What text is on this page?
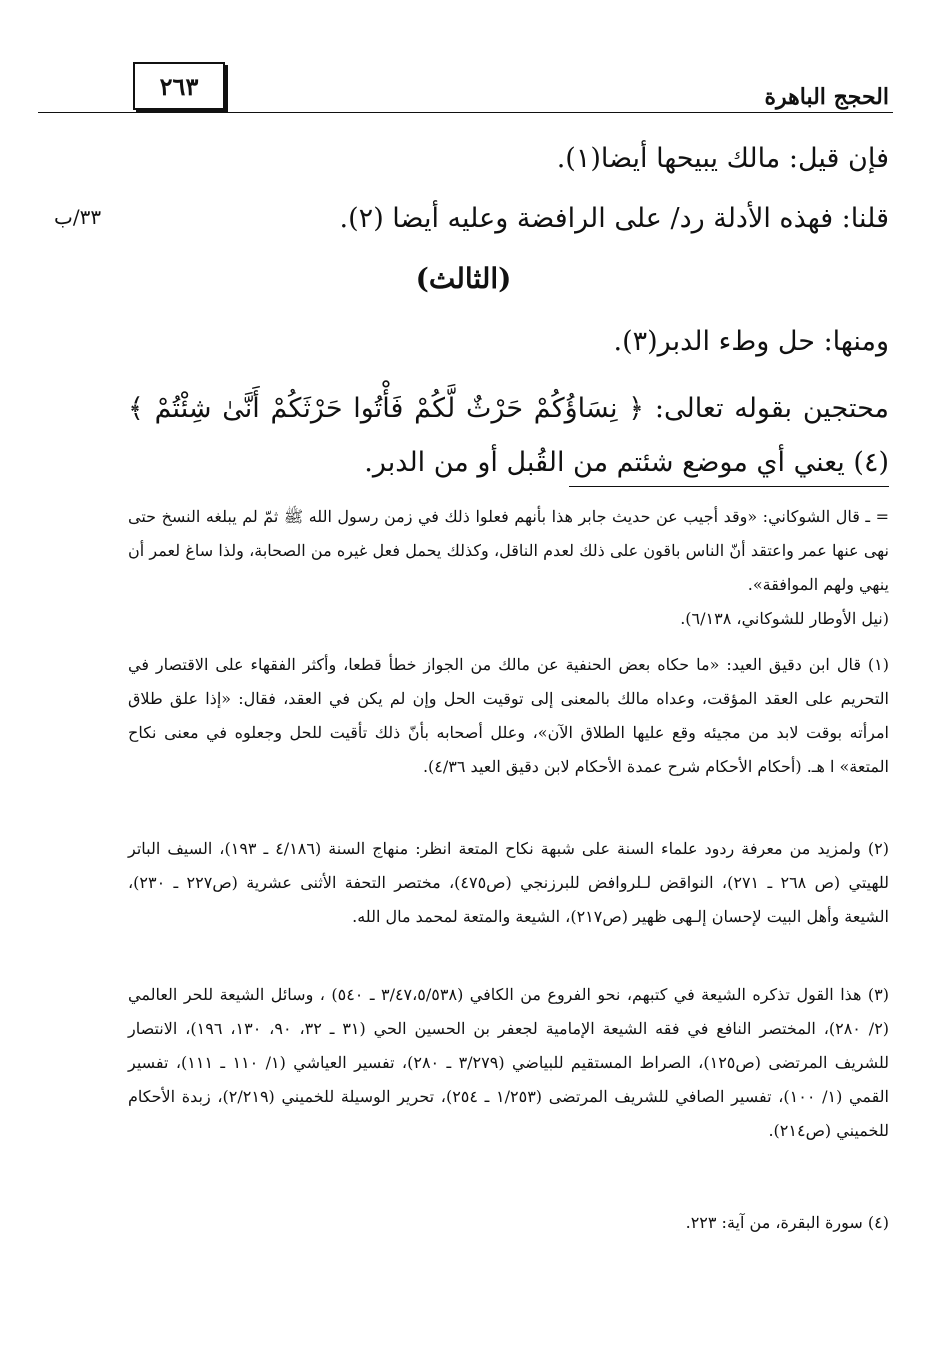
٢٦٣	الحجج الباهرة
٣٣/ب

فإن قيل: مالك يبيحها أيضا(١).

قلنا: فهذه الأدلة رد/ على الرافضة وعليه أيضا (٢).

(الثالث)

ومنها: حل وطء الدبر(٣).

محتجين بقوله تعالى: ﴿ نِسَاؤُكُمْ حَرْثٌ لَّكُمْ فَأْتُوا حَرْثَكُمْ أَنَّىٰ شِئْتُمْ ﴾(٤) يعني أي موضع شئتم من القُبل أو من الدبر.

= ـ قال الشوكاني: «وقد أجيب عن حديث جابر هذا بأنهم فعلوا ذلك في زمن رسول الله ﷺ ثمّ لم يبلغه النسخ حتى نهى عنها عمر واعتقد أنّ الناس باقون على ذلك لعدم الناقل، وكذلك يحمل فعل غيره من الصحابة، ولذا ساغ لعمر أن ينهي ولهم الموافقة».

(نيل الأوطار للشوكاني، ٦/١٣٨).

(١) قال ابن دقيق العيد: «ما حكاه بعض الحنفية عن مالك من الجواز خطأ قطعا، وأكثر الفقهاء على الاقتصار في التحريم على العقد المؤقت، وعداه مالك بالمعنى إلى توقيت الحل وإن لم يكن في العقد، فقال: «إذا علق طلاق امرأته بوقت لابد من مجيئه وقع عليها الطلاق الآن»، وعلل أصحابه بأنّ ذلك تأقيت للحل وجعلوه في معنى نكاح المتعة» ا هـ. (أحكام الأحكام شرح عمدة الأحكام لابن دقيق العيد ٤/٣٦).

(٢) ولمزيد من معرفة ردود علماء السنة على شبهة نكاح المتعة انظر: منهاج السنة (٤/١٨٦ ـ ١٩٣)، السيف الباتر للهيتي (ص ٢٦٨ ـ ٢٧١)، النواقض لـلروافض للبرزنجي (ص٤٧٥)، مختصر التحفة الأثنى عشرية (ص٢٢٧ ـ ٢٣٠)، الشيعة وأهل البيت لإحسان إلـهى ظهير (ص٢١٧)، الشيعة والمتعة لمحمد مال الله.

(٣) هذا القول تذكره الشيعة في كتبهم، نحو الفروع من الكافي (٣/٤٧،٥/٥٣٨ ـ ٥٤٠) ، وسائل الشيعة للحر العالمي (٢/ ٢٨٠)، المختصر النافع في فقه الشيعة الإمامية لجعفر بن الحسين الحي (٣١ ـ ٣٢، ٩٠، ١٣٠، ١٩٦)، الانتصار للشريف المرتضى (ص١٢٥)، الصراط المستقيم للبياضي (٣/٢٧٩ ـ ٢٨٠)، تفسير العياشي (١/ ١١٠ ـ ١١١)، تفسير القمي (١/ ١٠٠)، تفسير الصافي للشريف المرتضى (١/٢٥٣ ـ ٢٥٤)، تحرير الوسيلة للخميني (٢/٢١٩)، زبدة الأحكام للخميني (ص٢١٤).

(٤) سورة البقرة، من آية: ٢٢٣.
